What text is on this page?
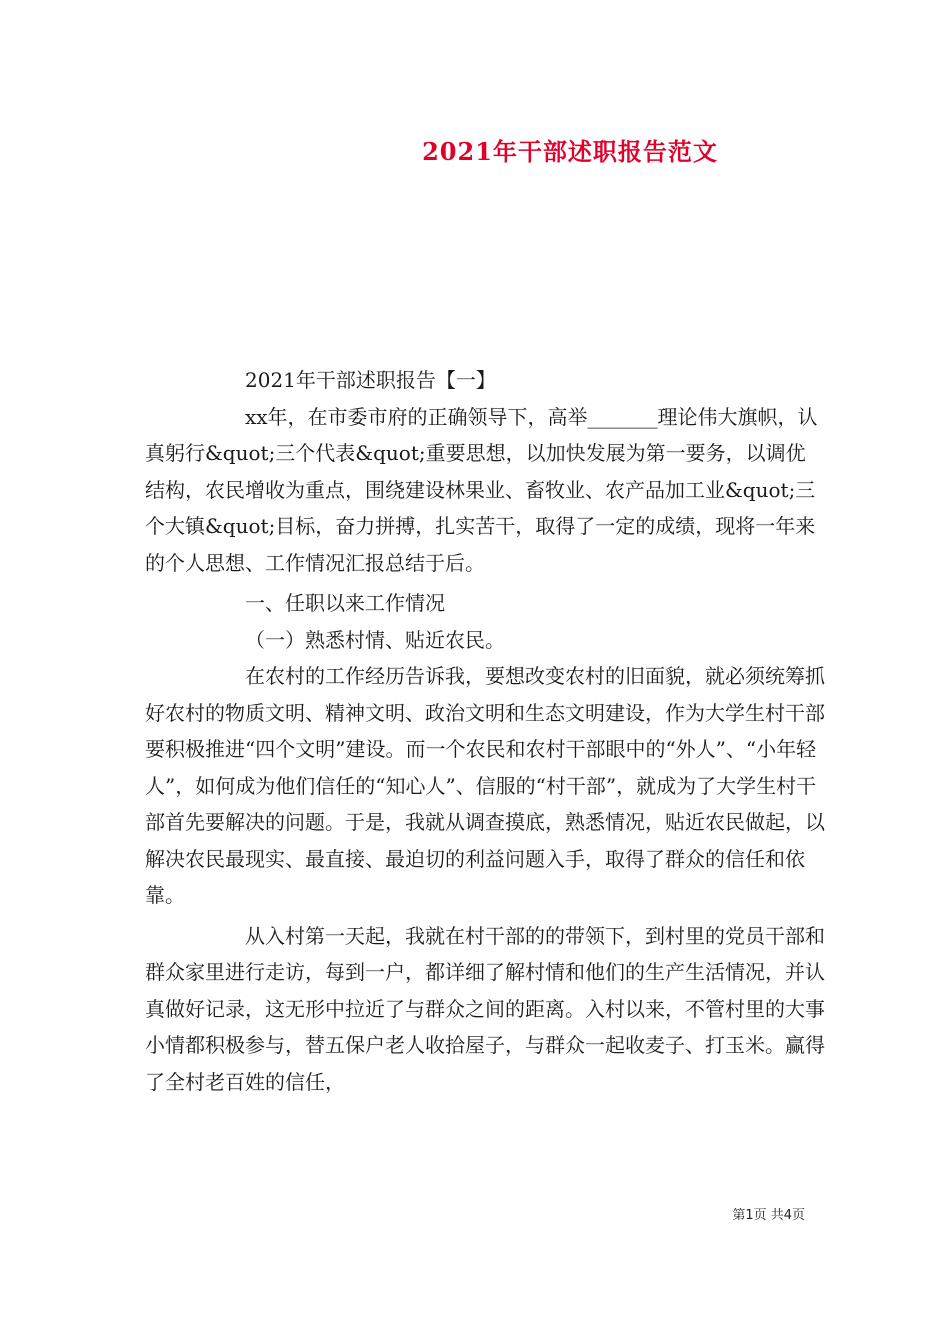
2021年干部述职报告范文

2021年干部述职报告【一】

xx年，在市委市府的正确领导下，高举_______理论伟大旗帜，认真躬行&quot;三个代表&quot;重要思想，以加快发展为第一要务，以调优结构，农民增收为重点，围绕建设林果业、畜牧业、农产品加工业&quot;三个大镇&quot;目标，奋力拼搏，扎实苦干，取得了一定的成绩，现将一年来的个人思想、工作情况汇报总结于后。

一、任职以来工作情况

（一）熟悉村情、贴近农民。

在农村的工作经历告诉我，要想改变农村的旧面貌，就必须统筹抓好农村的物质文明、精神文明、政治文明和生态文明建设，作为大学生村干部要积极推进“四个文明”建设。而一个农民和农村干部眼中的“外人”、“小年轻人”，如何成为他们信任的“知心人”、信服的“村干部”，就成为了大学生村干部首先要解决的问题。于是，我就从调查摸底，熟悉情况，贴近农民做起，以解决农民最现实、最直接、最迫切的利益问题入手，取得了群众的信任和依靠。

从入村第一天起，我就在村干部的的带领下，到村里的党员干部和群众家里进行走访，每到一户，都详细了解村情和他们的生产生活情况，并认真做好记录，这无形中拉近了与群众之间的距离。入村以来，不管村里的大事小情都积极参与，替五保户老人收拾屋子，与群众一起收麦子、打玉米。赢得了全村老百姓的信任，

第1页 共4页
